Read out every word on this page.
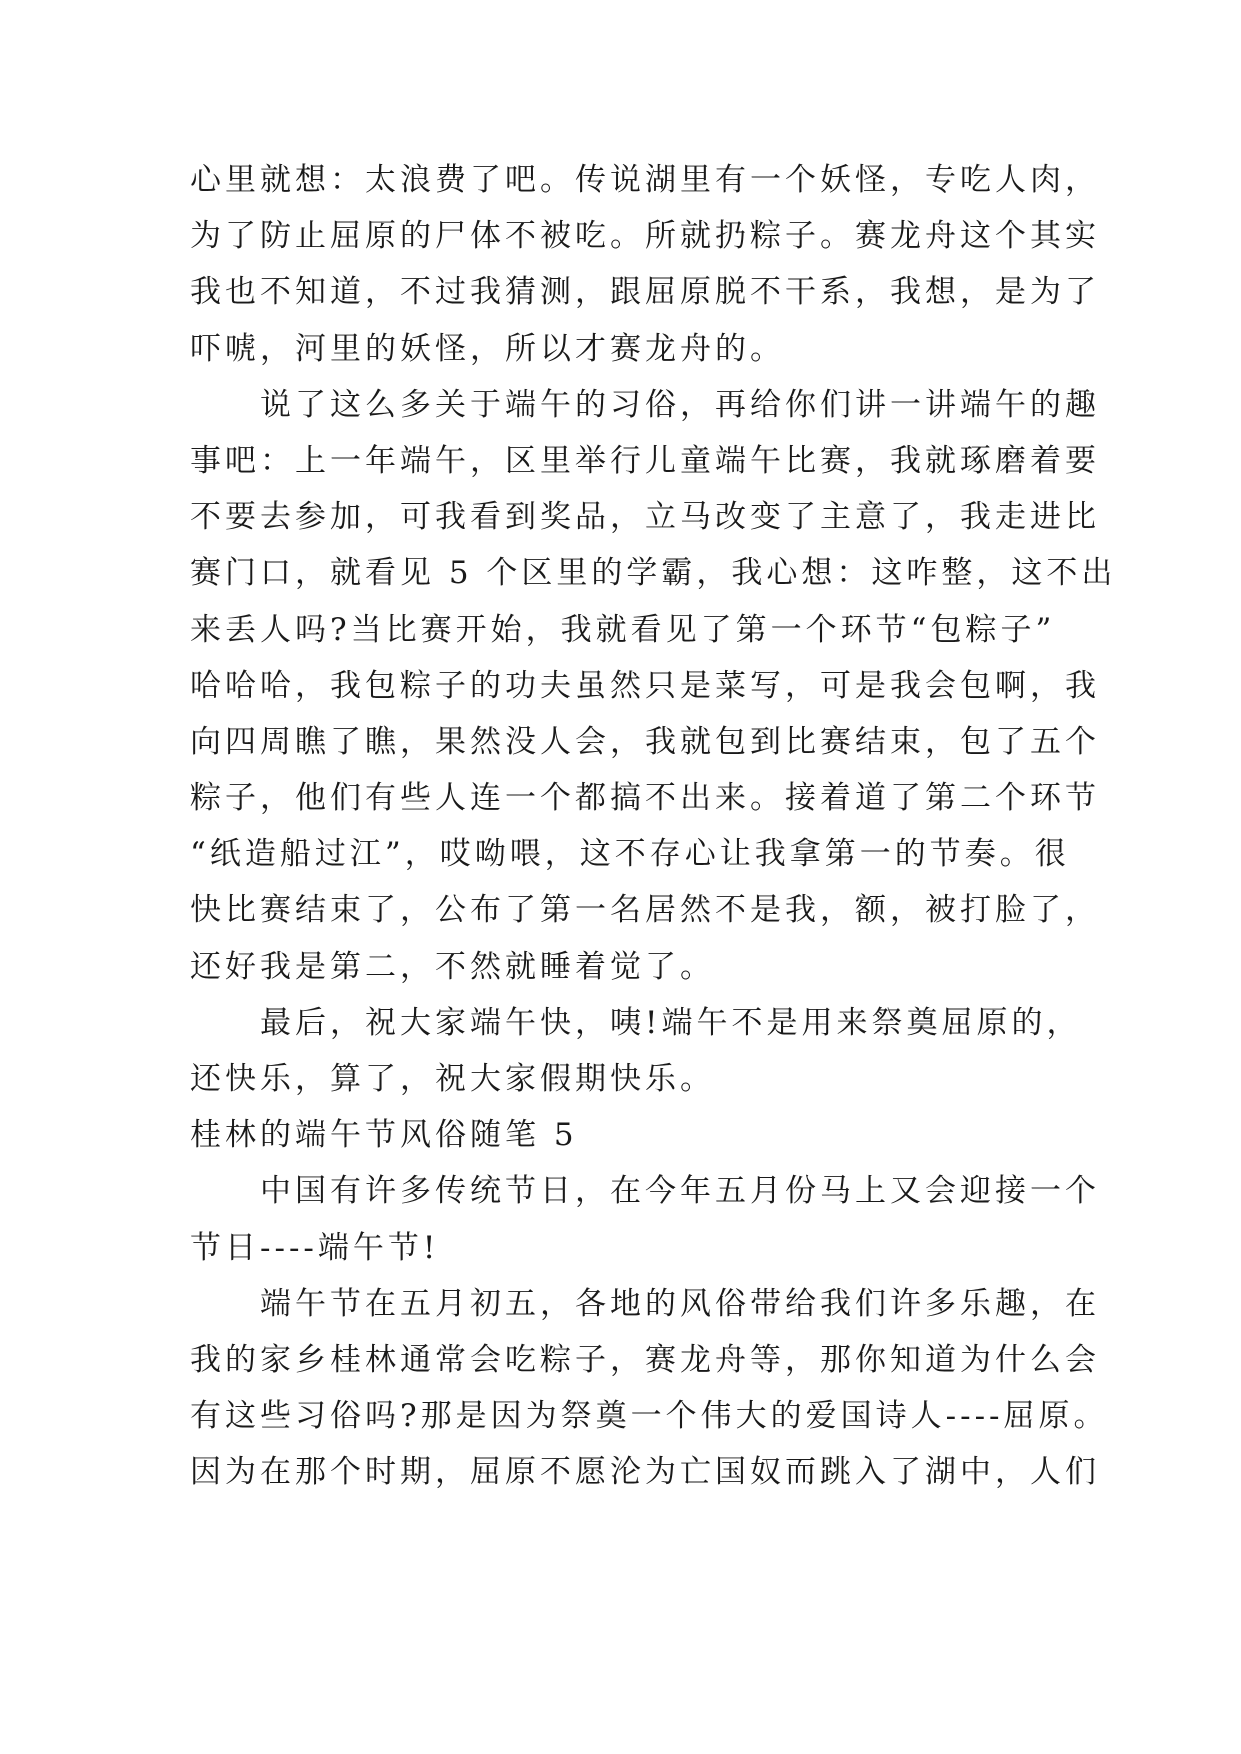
心里就想：太浪费了吧。传说湖里有一个妖怪，专吃人肉，
为了防止屈原的尸体不被吃。所就扔粽子。赛龙舟这个其实
我也不知道，不过我猜测，跟屈原脱不干系，我想，是为了
吓唬，河里的妖怪，所以才赛龙舟的。
说了这么多关于端午的习俗，再给你们讲一讲端午的趣
事吧：上一年端午，区里举行儿童端午比赛，我就琢磨着要
不要去参加，可我看到奖品，立马改变了主意了，我走进比
赛门口，就看见 5 个区里的学霸，我心想：这咋整，这不出
来丢人吗?当比赛开始，我就看见了第一个环节“包粽子”
哈哈哈，我包粽子的功夫虽然只是菜写，可是我会包啊，我
向四周瞧了瞧，果然没人会，我就包到比赛结束，包了五个
粽子，他们有些人连一个都搞不出来。接着道了第二个环节
“纸造船过江”，哎呦喂，这不存心让我拿第一的节奏。很
快比赛结束了，公布了第一名居然不是我，额，被打脸了，
还好我是第二，不然就睡着觉了。
最后，祝大家端午快，咦!端午不是用来祭奠屈原的，
还快乐，算了，祝大家假期快乐。
桂林的端午节风俗随笔 5
中国有许多传统节日，在今年五月份马上又会迎接一个
节日----端午节!
端午节在五月初五，各地的风俗带给我们许多乐趣，在
我的家乡桂林通常会吃粽子，赛龙舟等，那你知道为什么会
有这些习俗吗?那是因为祭奠一个伟大的爱国诗人----屈原。
因为在那个时期，屈原不愿沦为亡国奴而跳入了湖中，人们
